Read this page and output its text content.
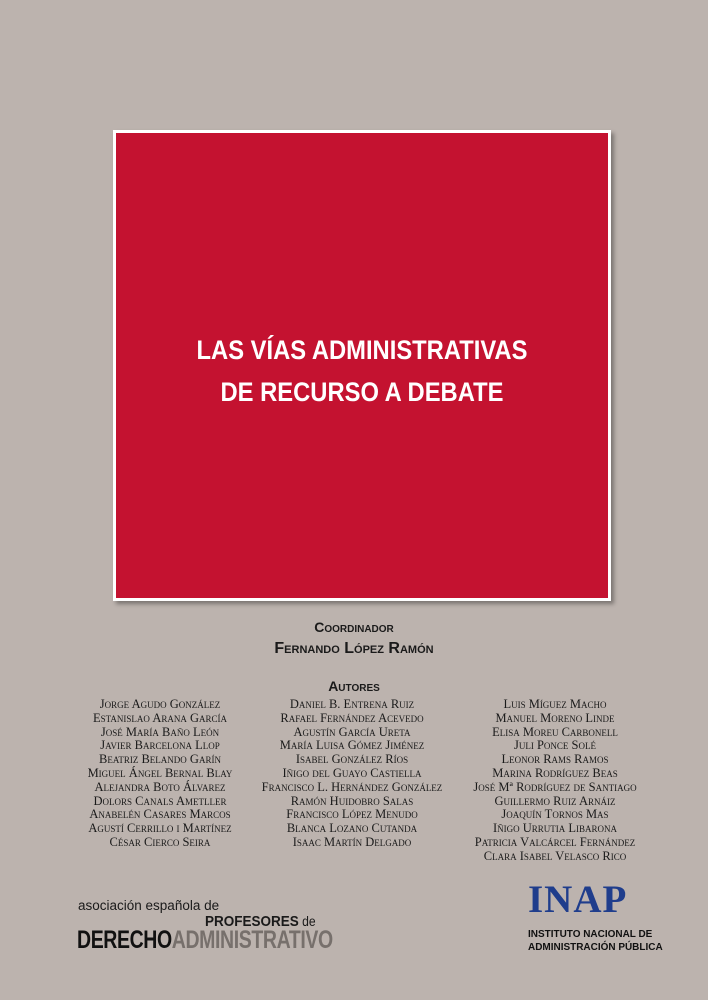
LAS VÍAS ADMINISTRATIVAS
DE RECURSO A DEBATE
Coordinador
Fernando López Ramón
Autores
Jorge Agudo González
Estanislao Arana García
José María Baño León
Javier Barcelona Llop
Beatriz Belando Garín
Miguel Ángel Bernal Blay
Alejandra Boto Álvarez
Dolors Canals Ametller
Anabelén Casares Marcos
Agustí Cerrillo i Martínez
César Cierco Seira
Daniel B. Entrena Ruiz
Rafael Fernández Acevedo
Agustín García Ureta
María Luisa Gómez Jiménez
Isabel González Ríos
Iñigo del Guayo Castiella
Francisco L. Hernández González
Ramón Huidobro Salas
Francisco López Menudo
Blanca Lozano Cutanda
Isaac Martín Delgado
Luis Míguez Macho
Manuel Moreno Linde
Elisa Moreu Carbonell
Juli Ponce Solé
Leonor Rams Ramos
Marina Rodríguez Beas
José Mª Rodríguez de Santiago
Guillermo Ruiz Arnáiz
Joaquín Tornos Mas
Iñigo Urrutia Libarona
Patricia Valcárcel Fernández
Clara Isabel Velasco Rico
asociación española de
PROFESORES de
DERECHOADMINISTRATIVO
INAP
INSTITUTO NACIONAL DE
ADMINISTRACIÓN PÚBLICA
